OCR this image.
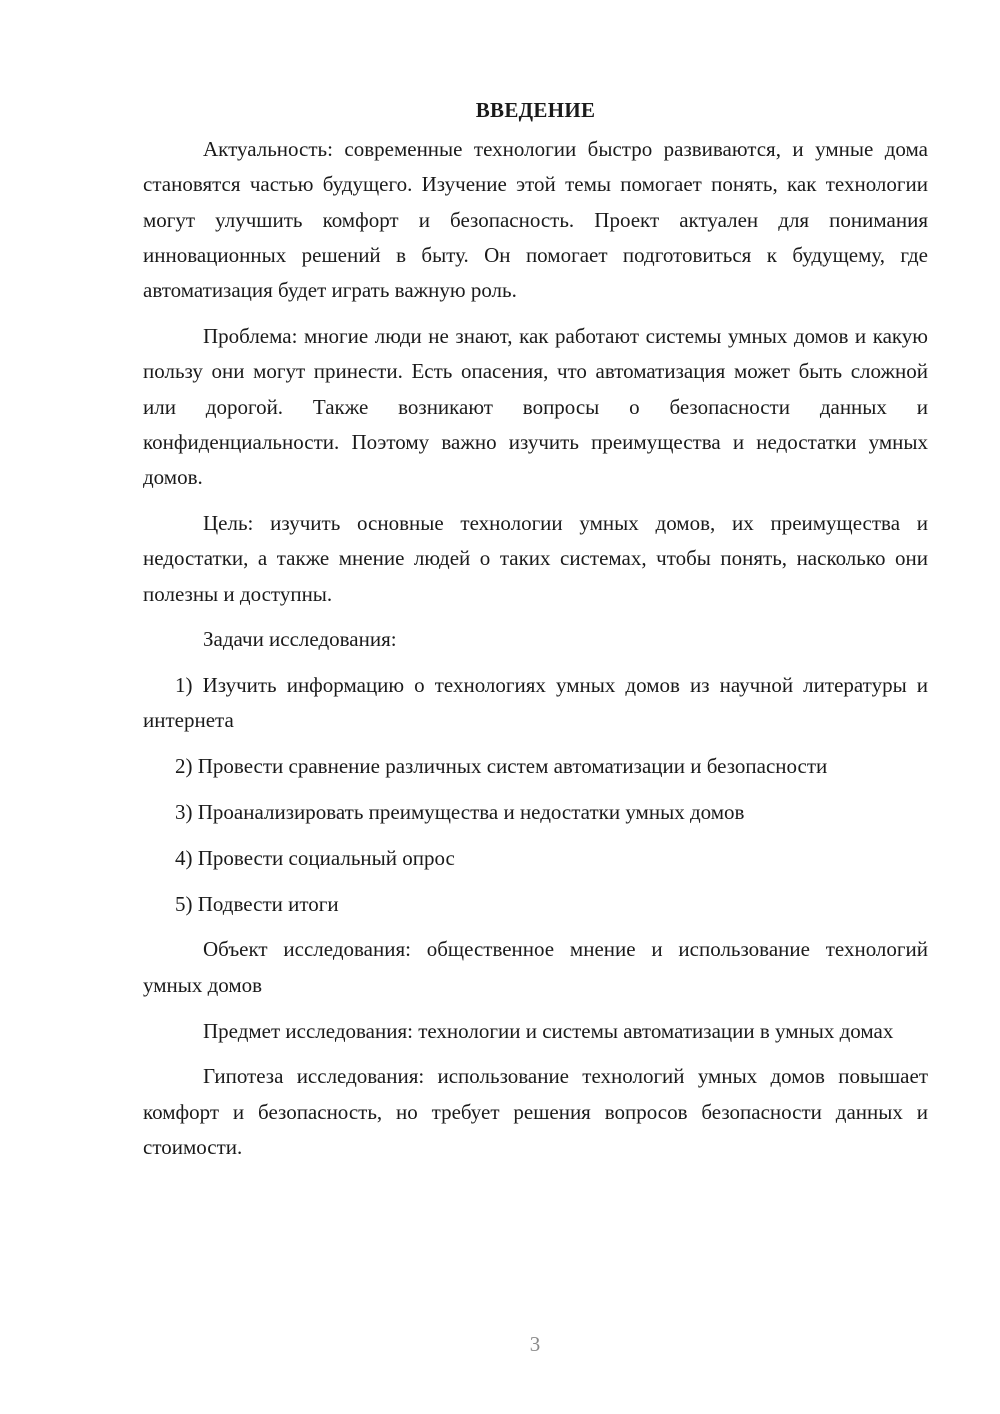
ВВЕДЕНИЕ

Актуальность: современные технологии быстро развиваются, и умные дома становятся частью будущего. Изучение этой темы помогает понять, как технологии могут улучшить комфорт и безопасность. Проект актуален для понимания инновационных решений в быту. Он помогает подготовиться к будущему, где автоматизация будет играть важную роль.

Проблема: многие люди не знают, как работают системы умных домов и какую пользу они могут принести. Есть опасения, что автоматизация может быть сложной или дорогой. Также возникают вопросы о безопасности данных и конфиденциальности. Поэтому важно изучить преимущества и недостатки умных домов.

Цель: изучить основные технологии умных домов, их преимущества и недостатки, а также мнение людей о таких системах, чтобы понять, насколько они полезны и доступны.

Задачи исследования:

1) Изучить информацию о технологиях умных домов из научной литературы и интернета

2) Провести сравнение различных систем автоматизации и безопасности

3) Проанализировать преимущества и недостатки умных домов

4) Провести социальный опрос

5) Подвести итоги

Объект исследования: общественное мнение и использование технологий умных домов

Предмет исследования: технологии и системы автоматизации в умных домах

Гипотеза исследования: использование технологий умных домов повышает комфорт и безопасность, но требует решения вопросов безопасности данных и стоимости.

3
